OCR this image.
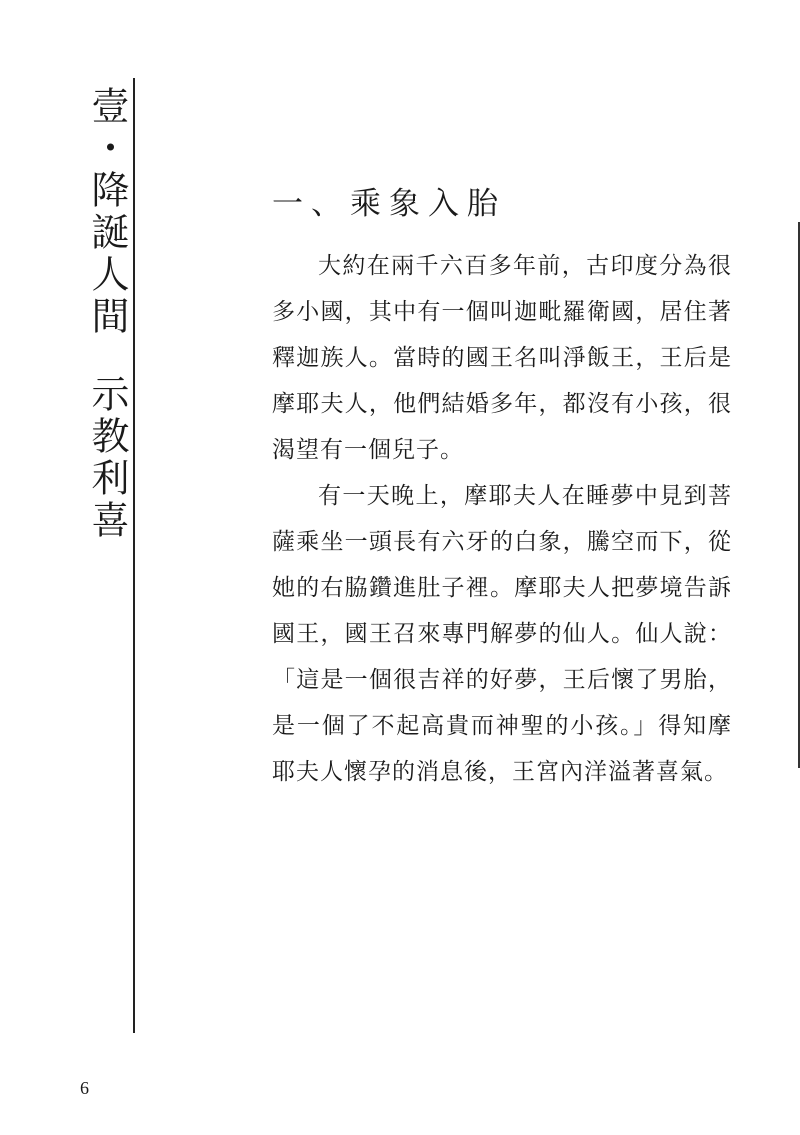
壹・降誕人間示教利喜
一、乘象入胎

大約在兩千六百多年前，古印度分為很多小國，其中有一個叫迦毗羅衛國，居住著釋迦族人。當時的國王名叫淨飯王，王后是摩耶夫人，他們結婚多年，都沒有小孩，很渴望有一個兒子。

有一天晚上，摩耶夫人在睡夢中見到菩薩乘坐一頭長有六牙的白象，騰空而下，從她的右脇鑽進肚子裡。摩耶夫人把夢境告訴國王，國王召來專門解夢的仙人。仙人說：「這是一個很吉祥的好夢，王后懷了男胎，是一個了不起高貴而神聖的小孩。」得知摩耶夫人懷孕的消息後，王宮內洋溢著喜氣。

6
